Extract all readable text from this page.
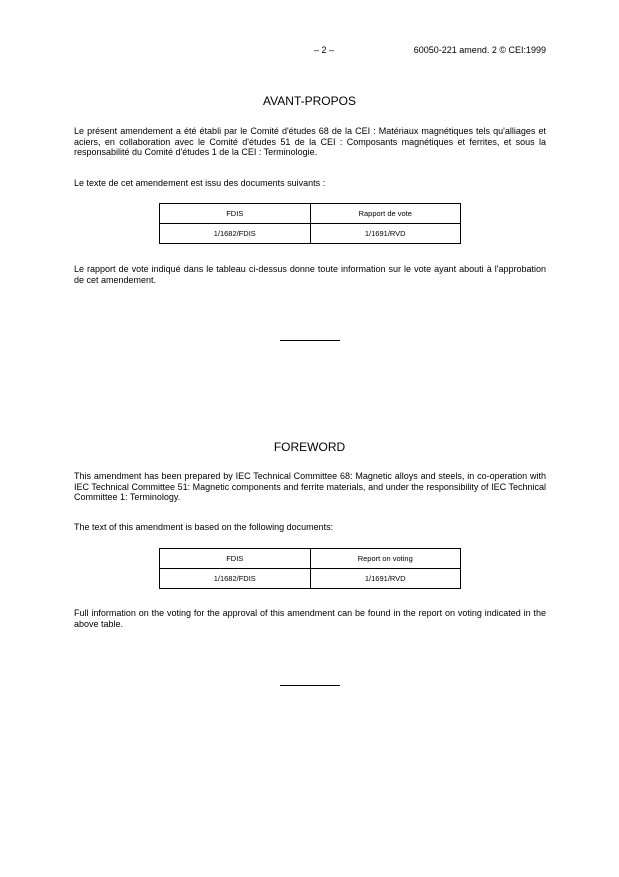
– 2 –	60050-221 amend. 2 © CEI:1999
AVANT-PROPOS

Le présent amendement a été établi par le Comité d'études 68 de la CEI : Matériaux magnétiques tels qu'alliages et aciers, en collaboration avec le Comité d'études 51 de la CEI : Composants magnétiques et ferrites, et sous la responsabilité du Comité d'études 1 de la CEI : Terminologie.

Le texte de cet amendement est issu des documents suivants :

FDIS	Rapport de vote
1/1682/FDIS	1/1691/RVD

Le rapport de vote indiqué dans le tableau ci-dessus donne toute information sur le vote ayant abouti à l'approbation de cet amendement.

FOREWORD

This amendment has been prepared by IEC Technical Committee 68: Magnetic alloys and steels, in co-operation with IEC Technical Committee 51: Magnetic components and ferrite materials, and under the responsibility of IEC Technical Committee 1: Terminology.

The text of this amendment is based on the following documents:

FDIS	Report on voting
1/1682/FDIS	1/1691/RVD

Full information on the voting for the approval of this amendment can be found in the report on voting indicated in the above table.
